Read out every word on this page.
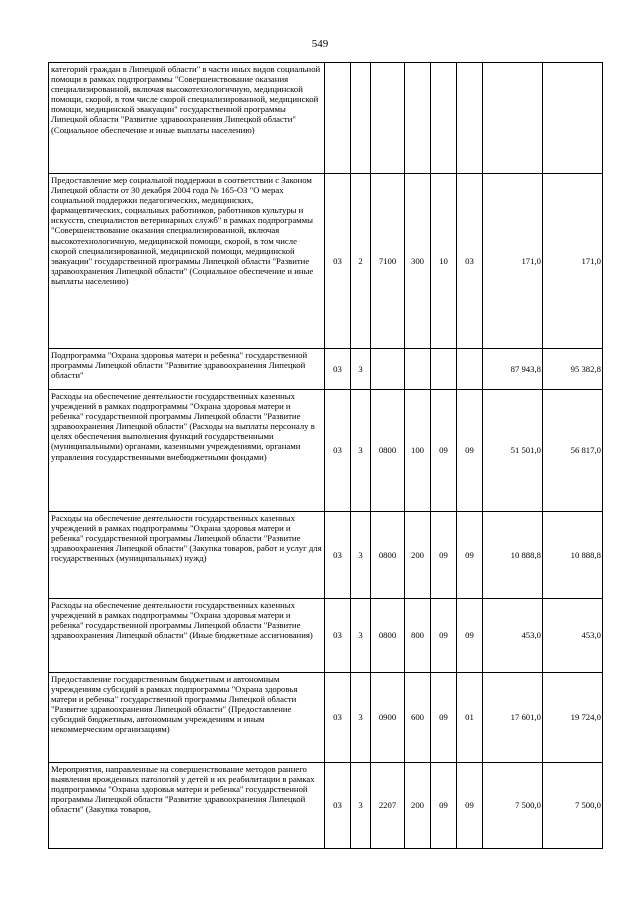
549
категорий граждан в Липецкой области" в части иных видов социальной помощи в рамках подпрограммы "Совершенствование оказания специализированной, включая высокотехнологичную, медицинской помощи, скорой, в том числе скорой специализированной, медицинской помощи, медицинской эвакуации" государственной программы Липецкой области "Развитие здравоохранения Липецкой области" (Социальное обеспечение и иные выплаты населению)								
Предоставление мер социальной поддержки в соответствии с Законом Липецкой области от 30 декабря 2004 года № 165-ОЗ "О мерах социальной поддержки педагогических, медицинских, фармацевтических, социальных работников, работников культуры и искусств, специалистов ветеринарных служб" в рамках подпрограммы "Совершенствование оказания специализированной, включая высокотехнологичную, медицинской помощи, скорой, в том числе скорой специализированной, медицинской помощи, медицинской эвакуации" государственной программы Липецкой области "Развитие здравоохранения Липецкой области" (Социальное обеспечение и иные выплаты населению)	03	2	7100	300	10	03	171,0	171,0
Подпрограмма "Охрана здоровья матери и ребенка" государственной программы Липецкой области "Развитие здравоохранения Липецкой области"	03	3					87 943,8	95 382,8
Расходы на обеспечение деятельности государственных казенных учреждений в рамках подпрограммы "Охрана здоровья матери и ребенка" государственной программы Липецкой области "Развитие здравоохранения Липецкой области" (Расходы на выплаты персоналу в целях обеспечения выполнения функций государственными (муниципальными) органами, казенными учреждениями, органами управления государственными внебюджетными фондами)	03	3	0800	100	09	09	51 501,0	56 817,0
Расходы на обеспечение деятельности государственных казенных учреждений в рамках подпрограммы "Охрана здоровья матери и ребенка" государственной программы Липецкой области "Развитие здравоохранения Липецкой области" (Закупка товаров, работ и услуг для государственных (муниципальных) нужд)	03	3	0800	200	09	09	10 888,8	10 888,8
Расходы на обеспечение деятельности государственных казенных учреждений в рамках подпрограммы "Охрана здоровья матери и ребенка" государственной программы Липецкой области "Развитие здравоохранения Липецкой области" (Иные бюджетные ассигнования)	03	3	0800	800	09	09	453,0	453,0
Предоставление государственным бюджетным и автономным учреждениям субсидий в рамках подпрограммы "Охрана здоровья матери и ребенка" государственной программы Липецкой области "Развитие здравоохранения Липецкой области" (Предоставление субсидий бюджетным, автономным учреждениям и иным некоммерческим организациям)	03	3	0900	600	09	01	17 601,0	19 724,0
Мероприятия, направленные на совершенствование методов раннего выявления врожденных патологий у детей и их реабилитации в рамках подпрограммы "Охрана здоровья матери и ребенка" государственной программы Липецкой области "Развитие здравоохранения Липецкой области" (Закупка товаров,	03	3	2207	200	09	09	7 500,0	7 500,0
